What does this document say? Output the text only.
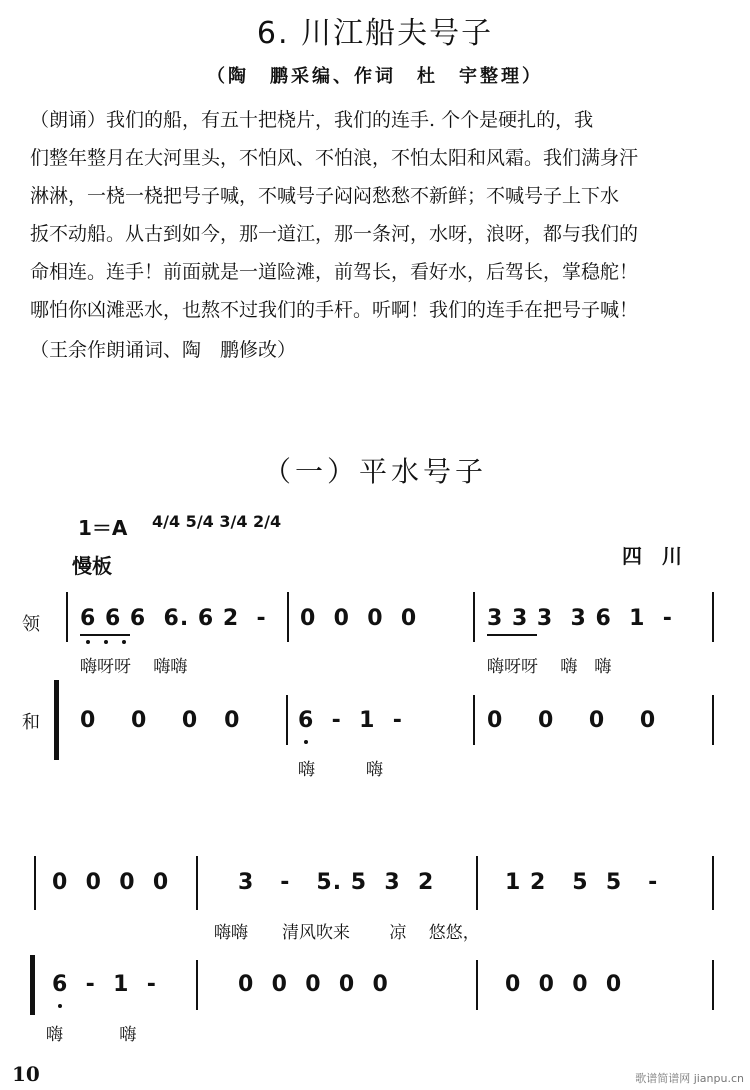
6. 川江船夫号子
（陶　鹏采编、作词　杜　宇整理）
（朗诵）我们的船，有五十把桡片，我们的连手. 个个是硬扎的，我
们整年整月在大河里头，不怕风、不怕浪，不怕太阳和风霜。我们满身汗
淋淋，一桡一桡把号子喊，不喊号子闷闷愁愁不新鲜；不喊号子上下水
扳不动船。从古到如今，那一道江，那一条河，水呀，浪呀，都与我们的
命相连。连手！前面就是一道险滩，前驾长，看好水，后驾长，掌稳舵！
哪怕你凶滩恶水，也熬不过我们的手杆。听啊！我们的连手在把号子喊！
（王余作朗诵词、陶　鹏修改）
（一）平水号子
1＝A 4/4 5/4 3/4 2/4
慢板	四　川
领
和
6 6 6  6. 6 2  - 0  0  0  0	3 3 3  3 6  1  -
嗨呀呀　 嗨嗨	嗨呀呀　 嗨　嗨
0    0    0   0	6  -  1  -	0    0    0    0
嗨　　　嗨
0  0  0  0	3   -   5. 5  3  2	1 2   5  5   -
嗨嗨　　清风吹来　　 凉　 悠悠，
6  -  1  -	0  0  0  0  0	0  0  0  0
嗨　　　 嗨
10	歌谱简谱网 jianpu.cn
